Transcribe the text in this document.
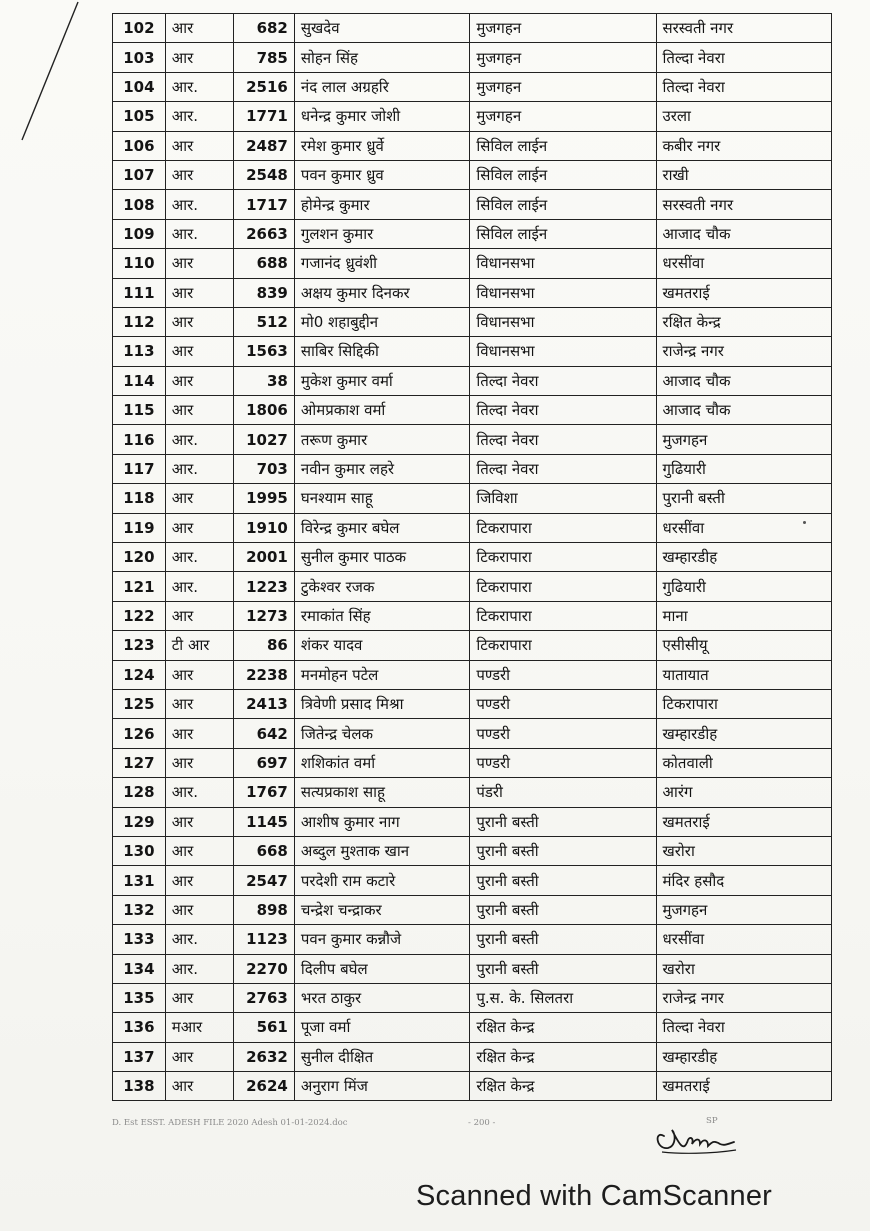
102	आर	682	सुखदेव	मुजगहन	सरस्वती नगर
103	आर	785	सोहन सिंह	मुजगहन	तिल्दा नेवरा
104	आर.	2516	नंद लाल अग्रहरि	मुजगहन	तिल्दा नेवरा
105	आर.	1771	धनेन्द्र कुमार जोशी	मुजगहन	उरला
106	आर	2487	रमेश कुमार ध्रुर्वे	सिविल लाईन	कबीर नगर
107	आर	2548	पवन कुमार ध्रुव	सिविल लाईन	राखी
108	आर.	1717	होमेन्द्र कुमार	सिविल लाईन	सरस्वती नगर
109	आर.	2663	गुलशन कुमार	सिविल लाईन	आजाद चौक
110	आर	688	गजानंद ध्रुवंशी	विधानसभा	धरसींवा
111	आर	839	अक्षय कुमार दिनकर	विधानसभा	खमतराई
112	आर	512	मो0 शहाबुद्दीन	विधानसभा	रक्षित केन्द्र
113	आर	1563	साबिर सिद्दिकी	विधानसभा	राजेन्द्र नगर
114	आर	38	मुकेश कुमार वर्मा	तिल्दा नेवरा	आजाद चौक
115	आर	1806	ओमप्रकाश वर्मा	तिल्दा नेवरा	आजाद चौक
116	आर.	1027	तरूण कुमार	तिल्दा नेवरा	मुजगहन
117	आर.	703	नवीन कुमार लहरे	तिल्दा नेवरा	गुढियारी
118	आर	1995	घनश्याम साहू	जिविशा	पुरानी बस्ती
119	आर	1910	विरेन्द्र कुमार बघेल	टिकरापारा	धरसींवा
120	आर.	2001	सुनील कुमार पाठक	टिकरापारा	खम्हारडीह
121	आर.	1223	टुकेश्वर रजक	टिकरापारा	गुढियारी
122	आर	1273	रमाकांत सिंह	टिकरापारा	माना
123	टी आर	86	शंकर यादव	टिकरापारा	एसीसीयू
124	आर	2238	मनमोहन पटेल	पण्डरी	यातायात
125	आर	2413	त्रिवेणी प्रसाद मिश्रा	पण्डरी	टिकरापारा
126	आर	642	जितेन्द्र चेलक	पण्डरी	खम्हारडीह
127	आर	697	शशिकांत वर्मा	पण्डरी	कोतवाली
128	आर.	1767	सत्यप्रकाश साहू	पंडरी	आरंग
129	आर	1145	आशीष कुमार नाग	पुरानी बस्ती	खमतराई
130	आर	668	अब्दुल मुश्ताक खान	पुरानी बस्ती	खरोरा
131	आर	2547	परदेशी राम कटारे	पुरानी बस्ती	मंदिर हसौद
132	आर	898	चन्द्रेश चन्द्राकर	पुरानी बस्ती	मुजगहन
133	आर.	1123	पवन कुमार कन्नौजे	पुरानी बस्ती	धरसींवा
134	आर.	2270	दिलीप बघेल	पुरानी बस्ती	खरोरा
135	आर	2763	भरत ठाकुर	पु.स. के. सिलतरा	राजेन्द्र नगर
136	मआर	561	पूजा वर्मा	रक्षित केन्द्र	तिल्दा नेवरा
137	आर	2632	सुनील दीक्षित	रक्षित केन्द्र	खम्हारडीह
138	आर	2624	अनुराग मिंज	रक्षित केन्द्र	खमतराई
D. Est ESST. ADESH FILE 2020 Adesh 01-01-2024.doc	- 200 -	SP
Scanned with CamScanner
